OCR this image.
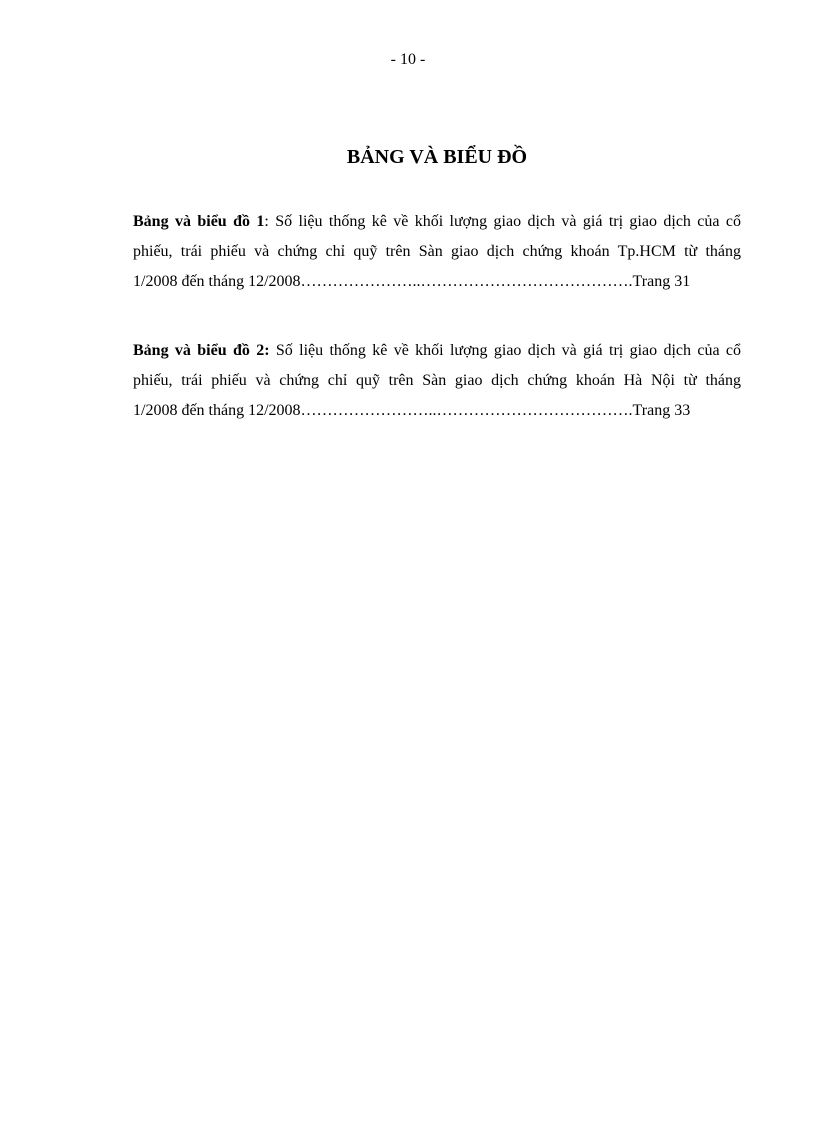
- 10 -
BẢNG VÀ BIỂU ĐỒ

Bảng và biểu đồ 1: Số liệu thống kê về khối lượng giao dịch và giá trị giao dịch của cổ
phiếu, trái phiếu và chứng chỉ quỹ trên Sàn giao dịch chứng khoán Tp.HCM từ tháng
1/2008 đến tháng 12/2008…………………..………………………………….Trang 31

Bảng và biểu đồ 2: Số liệu thống kê về khối lượng giao dịch và giá trị giao dịch của cổ
phiếu, trái phiếu và chứng chỉ quỹ trên Sàn giao dịch chứng khoán Hà Nội từ tháng
1/2008 đến tháng 12/2008……………………..……………………………….Trang 33
